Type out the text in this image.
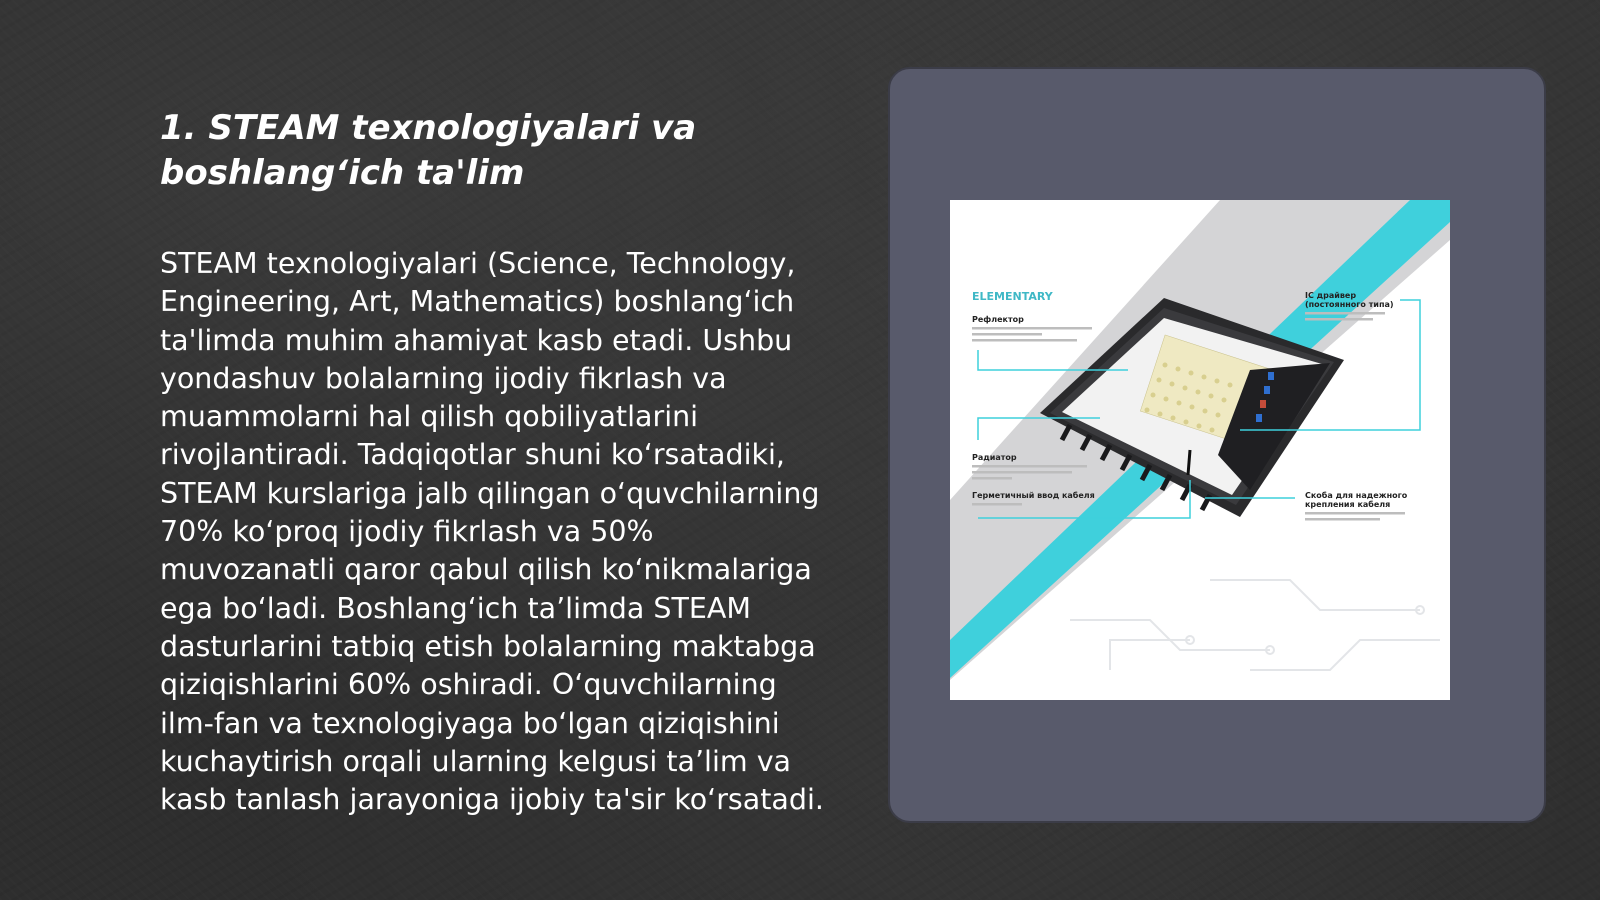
1. STEAM texnologiyalari va boshlang‘ich ta'lim
STEAM texnologiyalari (Science, Technology, Engineering, Art, Mathematics) boshlang‘ich ta'limda muhim ahamiyat kasb etadi. Ushbu yondashuv bolalarning ijodiy fikrlash va muammolarni hal qilish qobiliyatlarini rivojlantiradi. Tadqiqotlar shuni ko‘rsatadiki, STEAM kurslariga jalb qilingan o‘quvchilarning 70% ko‘proq ijodiy fikrlash va 50% muvozanatli qaror qabul qilish ko‘nikmalariga ega bo‘ladi. Boshlang‘ich ta’limda STEAM dasturlarini tatbiq etish bolalarning maktabga qiziqishlarini 60% oshiradi. O‘quvchilarning ilm-fan va texnologiyaga bo‘lgan qiziqishini kuchaytirish orqali ularning kelgusi ta’lim va kasb tanlash jarayoniga ijobiy ta'sir ko‘rsatadi.
ELEMENTARY
Рефлектор
Радиатор
Герметичный ввод кабеля
IC драйвер
(постоянного типа)
Скоба для надежного
крепления кабеля
